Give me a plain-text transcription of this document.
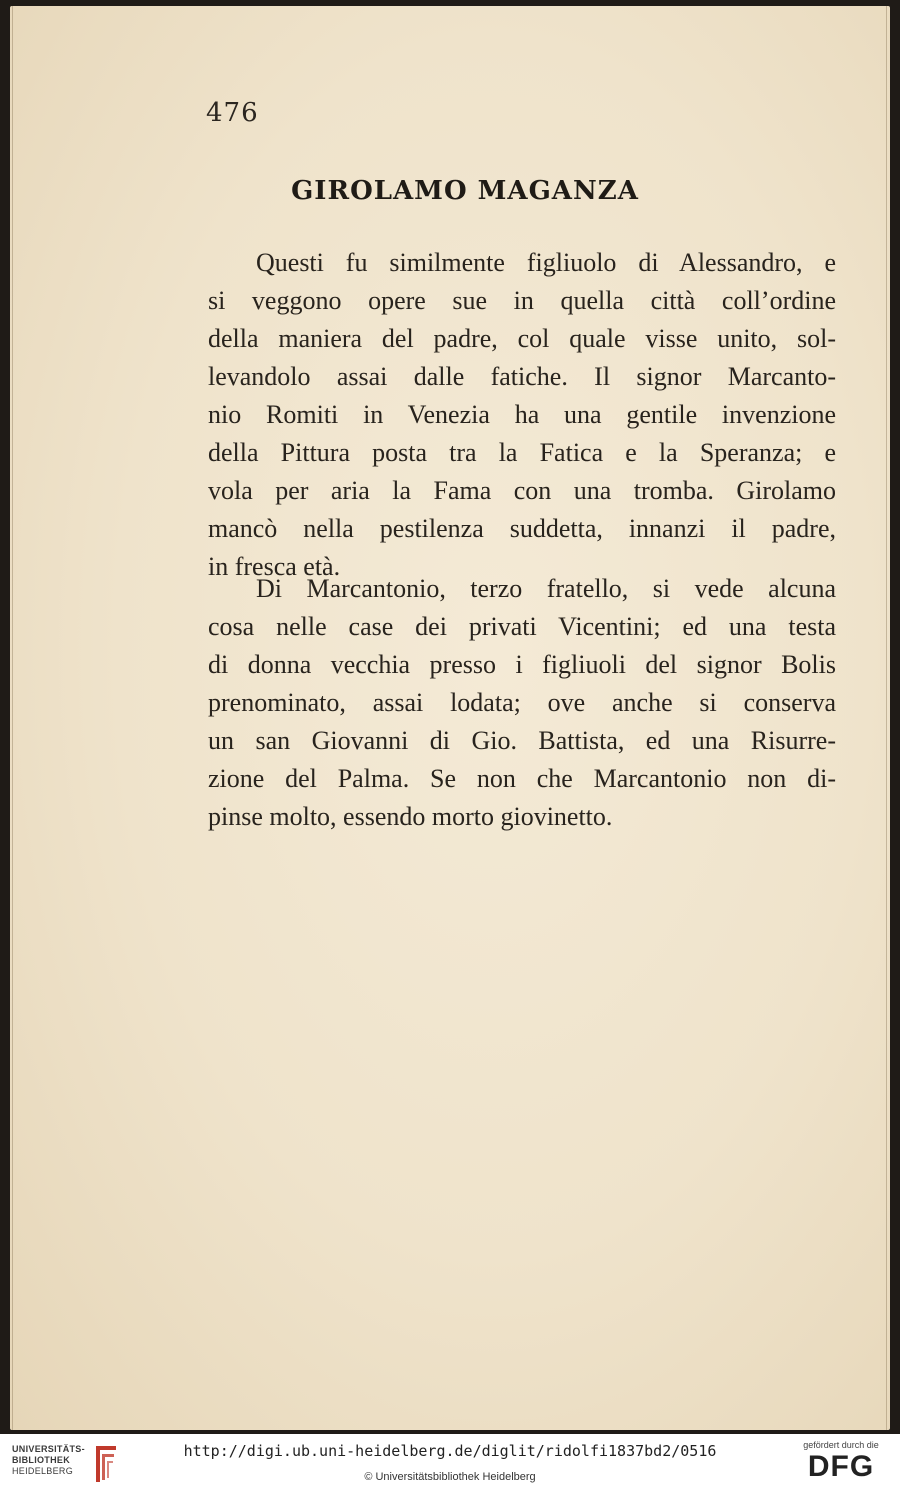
476
GIROLAMO MAGANZA
Questi fu similmente figliuolo di Alessandro, e
si veggono opere sue in quella città coll’ordine
della maniera del padre, col quale visse unito, sol-
levandolo assai dalle fatiche. Il signor Marcanto-
nio Romiti in Venezia ha una gentile invenzione
della Pittura posta tra la Fatica e la Speranza; e
vola per aria la Fama con una tromba. Girolamo
mancò nella pestilenza suddetta, innanzi il padre,
in fresca età.
Di Marcantonio, terzo fratello, si vede alcuna
cosa nelle case dei privati Vicentini; ed una testa
di donna vecchia presso i figliuoli del signor Bolis
prenominato, assai lodata; ove anche si conserva
un san Giovanni di Gio. Battista, ed una Risurre-
zione del Palma. Se non che Marcantonio non di-
pinse molto, essendo morto giovinetto.
UNIVERSITÄTS-
BIBLIOTHEK
HEIDELBERG
http://digi.ub.uni-heidelberg.de/diglit/ridolfi1837bd2/0516
© Universitätsbibliothek Heidelberg
gefördert durch die
DFG
